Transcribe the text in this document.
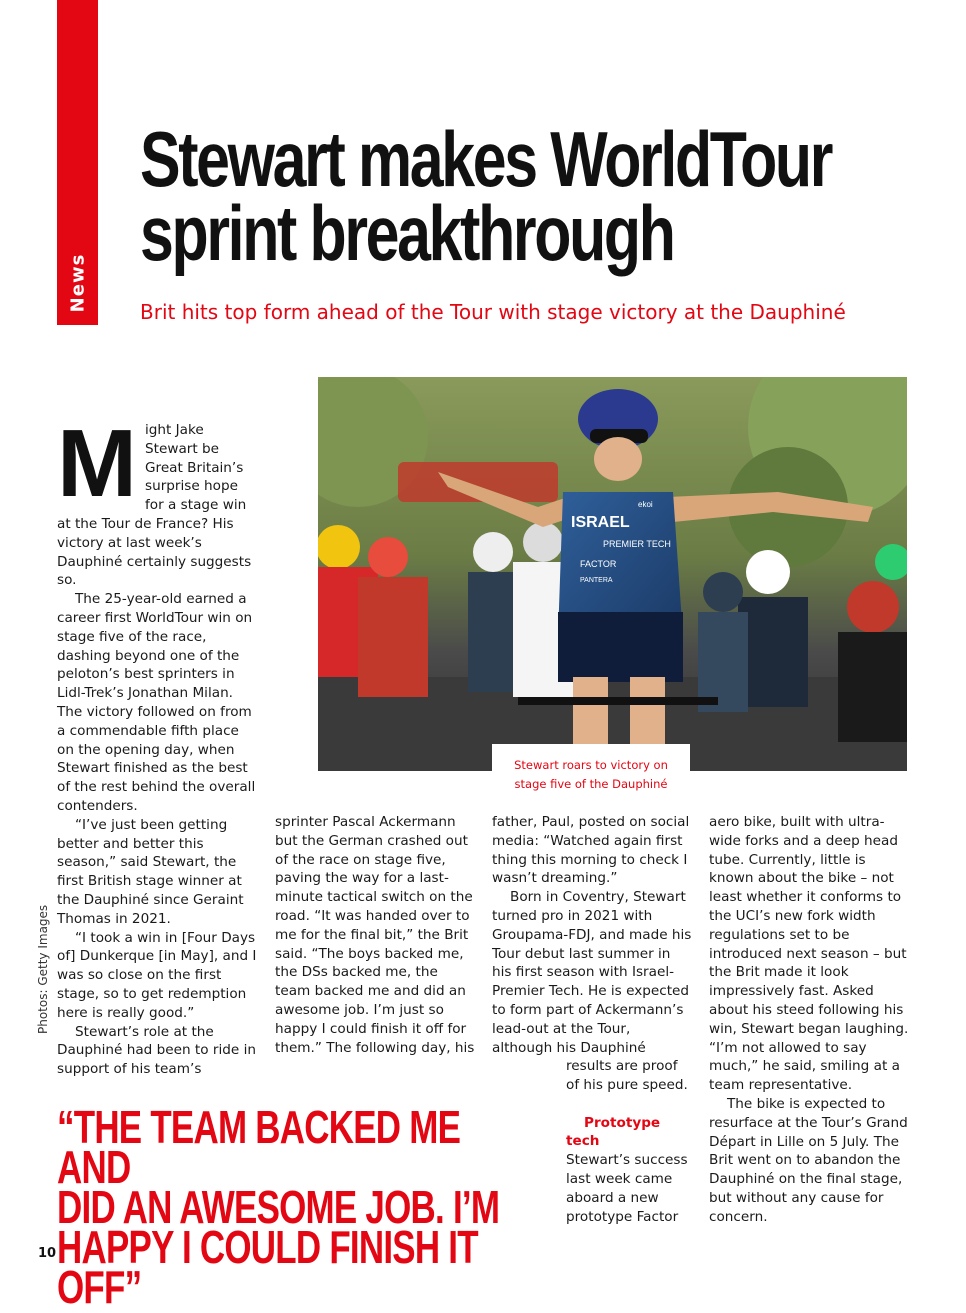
News
Stewart makes WorldTour
sprint breakthrough

Brit hits top form ahead of the Tour with stage victory at the Dauphiné

ISRAEL
PREMIER TECH
FACTOR
PANTERA
ekoi
Stewart roars to victory on
stage five of the Dauphiné
M ight Jake Stewart be Great Britain’s surprise hope for a stage win at the Tour de France? His victory at last week’s Dauphiné certainly suggests so.

The 25-year-old earned a career first WorldTour win on stage five of the race, dashing beyond one of the peloton’s best sprinters in Lidl-Trek’s Jonathan Milan. The victory followed on from a commendable fifth place on the opening day, when Stewart finished as the best of the rest behind the overall contenders.

“I’ve just been getting better and better this season,” said Stewart, the first British stage winner at the Dauphiné since Geraint Thomas in 2021.

“I took a win in [Four Days of] Dunkerque [in May], and I was so close on the first stage, so to get redemption here is really good.”

Stewart’s role at the Dauphiné had been to ride in support of his team’s

sprinter Pascal Ackermann but the German crashed out of the race on stage five, paving the way for a last-minute tactical switch on the road. “It was handed over to me for the final bit,” the Brit said. “The boys backed me, the DSs backed me, the team backed me and did an awesome job. I’m just so happy I could finish it off for them.” The following day, his

father, Paul, posted on social media: “Watched again first thing this morning to check I wasn’t dreaming.”

Born in Coventry, Stewart turned pro in 2021 with Groupama-FDJ, and made his Tour debut last summer in his first season with Israel-Premier Tech. He is expected to form part of Ackermann’s lead-out at the Tour, although his Dauphiné

results are proof of his pure speed.

Prototype tech

Stewart’s success last week came aboard a new prototype Factor

aero bike, built with ultra-wide forks and a deep head tube. Currently, little is known about the bike – not least whether it conforms to the UCI’s new fork width regulations set to be introduced next season – but the Brit made it look impressively fast. Asked about his steed following his win, Stewart began laughing. “I’m not allowed to say much,” he said, smiling at a team representative.

The bike is expected to resurface at the Tour’s Grand Départ in Lille on 5 July. The Brit went on to abandon the Dauphiné on the final stage, but without any cause for concern.

“THE TEAM BACKED ME AND
DID AN AWESOME JOB. I’M
HAPPY I COULD FINISH IT OFF”
Photos: Getty Images
10
